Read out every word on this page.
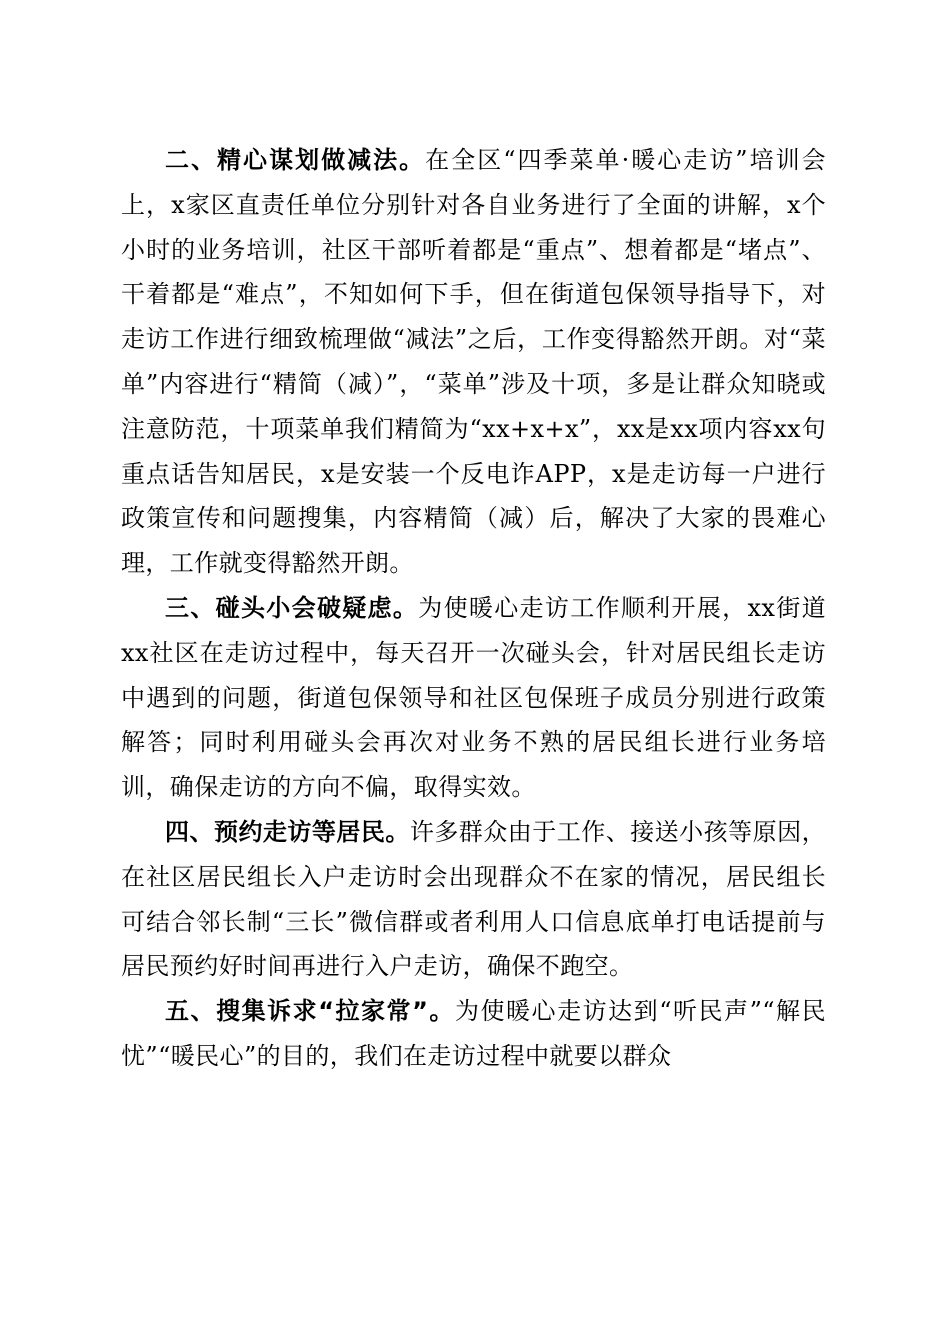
二、精心谋划做减法。在全区“四季菜单·暖心走访”培训会上，x家区直责任单位分别针对各自业务进行了全面的讲解，x个小时的业务培训，社区干部听着都是“重点”、想着都是“堵点”、干着都是“难点”，不知如何下手，但在街道包保领导指导下，对走访工作进行细致梳理做“减法”之后，工作变得豁然开朗。对“菜单”内容进行“精简（减）”，“菜单”涉及十项，多是让群众知晓或注意防范，十项菜单我们精简为“xx+x+x”，xx是xx项内容xx句重点话告知居民，x是安装一个反电诈APP，x是走访每一户进行政策宣传和问题搜集，内容精简（减）后，解决了大家的畏难心理，工作就变得豁然开朗。

三、碰头小会破疑虑。为使暖心走访工作顺利开展，xx街道xx社区在走访过程中，每天召开一次碰头会，针对居民组长走访中遇到的问题，街道包保领导和社区包保班子成员分别进行政策解答；同时利用碰头会再次对业务不熟的居民组长进行业务培训，确保走访的方向不偏，取得实效。

四、预约走访等居民。许多群众由于工作、接送小孩等原因，在社区居民组长入户走访时会出现群众不在家的情况，居民组长可结合邻长制“三长”微信群或者利用人口信息底单打电话提前与居民预约好时间再进行入户走访，确保不跑空。

五、搜集诉求“拉家常”。为使暖心走访达到“听民声”“解民忧”“暖民心”的目的，我们在走访过程中就要以群众
